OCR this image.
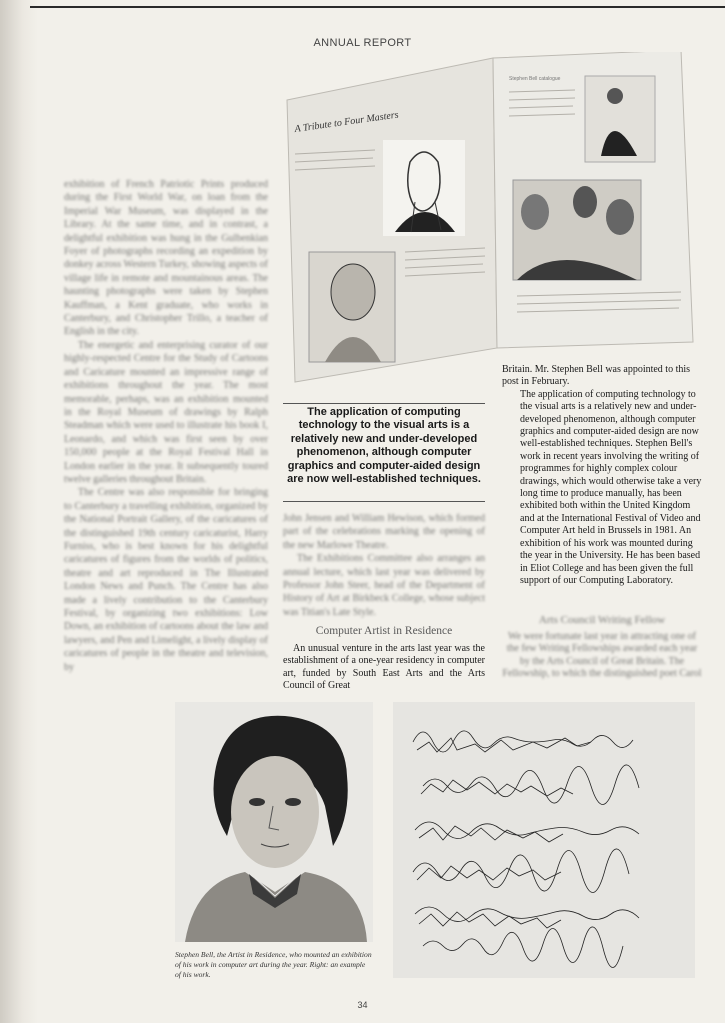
ANNUAL REPORT

exhibition of French Patriotic Prints produced during the First World War, on loan from the Imperial War Museum, was displayed in the Library. At the same time, and in contrast, a delightful exhibition was hung in the Gulbenkian Foyer of photographs recording an expedition by donkey across Western Turkey, showing aspects of village life in remote and mountainous areas. The haunting photographs were taken by Stephen Kauffman, a Kent graduate, who works in Canterbury, and Christopher Trillo, a teacher of English in the city.

The energetic and enterprising curator of our highly-respected Centre for the Study of Cartoons and Caricature mounted an impressive range of exhibitions throughout the year. The most memorable, perhaps, was an exhibition mounted in the Royal Museum of drawings by Ralph Steadman which were used to illustrate his book I, Leonardo, and which was first seen by over 150,000 people at the Royal Festival Hall in London earlier in the year. It subsequently toured twelve galleries throughout Britain.

The Centre was also responsible for bringing to Canterbury a travelling exhibition, organized by the National Portrait Gallery, of the caricatures of the distinguished 19th century caricaturist, Harry Furniss, who is best known for his delightful caricatures of figures from the worlds of politics, theatre and art reproduced in The Illustrated London News and Punch. The Centre has also made a lively contribution to the Canterbury Festival, by organizing two exhibitions: Low Down, an exhibition of cartoons about the law and lawyers, and Pen and Limelight, a lively display of caricatures of people in the theatre and television, by

A Tribute to Four Masters
Stephen Bell catalogue
The application of computing technology to the visual arts is a relatively new and under-developed phenomenon, although computer graphics and computer-aided design are now well-established techniques.

John Jensen and William Hewison, which formed part of the celebrations marking the opening of the new Marlowe Theatre.

The Exhibitions Committee also arranges an annual lecture, which last year was delivered by Professor John Steer, head of the Department of History of Art at Birkbeck College, whose subject was Titian's Late Style.

Computer Artist in Residence
An unusual venture in the arts last year was the establishment of a one-year residency in computer art, funded by South East Arts and the Arts Council of Great
Britain. Mr. Stephen Bell was appointed to this post in February.
The application of computing technology to the visual arts is a relatively new and under-developed phenomenon, although computer graphics and computer-aided design are now well-established techniques. Stephen Bell's work in recent years involving the writing of programmes for highly complex colour drawings, which would otherwise take a very long time to produce manually, has been exhibited both within the United Kingdom and at the International Festival of Video and Computer Art held in Brussels in 1981. An exhibition of his work was mounted during the year in the University. He has been based in Eliot College and has been given the full support of our Computing Laboratory.
Arts Council Writing Fellow
We were fortunate last year in attracting one of the few Writing Fellowships awarded each year by the Arts Council of Great Britain. The Fellowship, to which the distinguished poet Carol
Stephen Bell, the Artist in Residence, who mounted an exhibition of his work in computer art during the year. Right: an example of his work.
34
